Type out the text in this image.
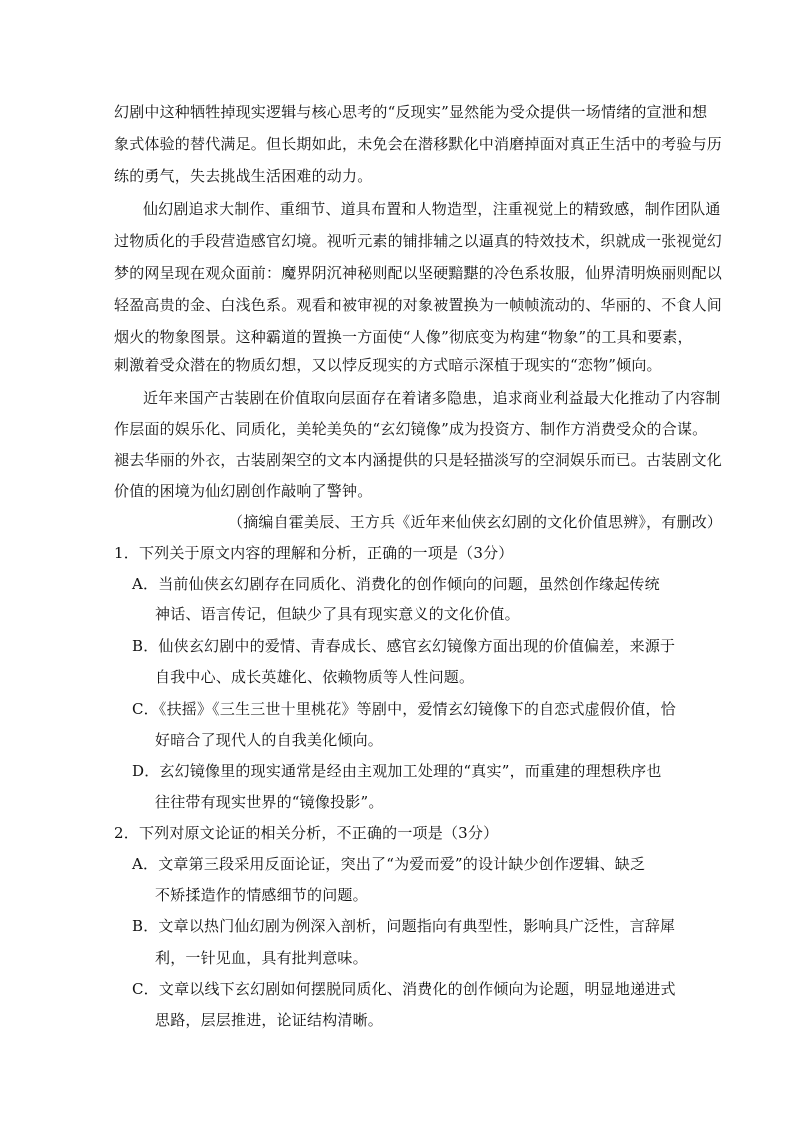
幻剧中这种牺牲掉现实逻辑与核心思考的“反现实”显然能为受众提供一场情绪的宣泄和想
象式体验的替代满足。但长期如此，未免会在潜移默化中消磨掉面对真正生活中的考验与历
练的勇气，失去挑战生活困难的动力。
仙幻剧追求大制作、重细节、道具布置和人物造型，注重视觉上的精致感，制作团队通
过物质化的手段营造感官幻境。视听元素的铺排辅之以逼真的特效技术，织就成一张视觉幻
梦的网呈现在观众面前：魔界阴沉神秘则配以坚硬黯黮的冷色系妆服，仙界清明焕丽则配以
轻盈高贵的金、白浅色系。观看和被审视的对象被置换为一帧帧流动的、华丽的、不食人间
烟火的物象图景。这种霸道的置换一方面使“人像”彻底变为构建“物象”的工具和要素，
刺激着受众潜在的物质幻想，又以悖反现实的方式暗示深植于现实的“恋物”倾向。
近年来国产古装剧在价值取向层面存在着诸多隐患，追求商业利益最大化推动了内容制
作层面的娱乐化、同质化，美轮美奂的“玄幻镜像”成为投资方、制作方消费受众的合谋。
褪去华丽的外衣，古装剧架空的文本内涵提供的只是轻描淡写的空洞娱乐而已。古装剧文化
价值的困境为仙幻剧创作敲响了警钟。
（摘编自霍美辰、王方兵《近年来仙侠玄幻剧的文化价值思辨》，有删改）
1．下列关于原文内容的理解和分析，正确的一项是（3分）
A．当前仙侠玄幻剧存在同质化、消费化的创作倾向的问题，虽然创作缘起传统
神话、语言传记，但缺少了具有现实意义的文化价值。
B．仙侠玄幻剧中的爱情、青春成长、感官玄幻镜像方面出现的价值偏差，来源于
自我中心、成长英雄化、依赖物质等人性问题。
C．《扶摇》《三生三世十里桃花》等剧中，爱情玄幻镜像下的自恋式虚假价值，恰
好暗合了现代人的自我美化倾向。
D．玄幻镜像里的现实通常是经由主观加工处理的“真实”，而重建的理想秩序也
往往带有现实世界的“镜像投影”。
2．下列对原文论证的相关分析，不正确的一项是（3分）
A．文章第三段采用反面论证，突出了“为爱而爱”的设计缺少创作逻辑、缺乏
不矫揉造作的情感细节的问题。
B．文章以热门仙幻剧为例深入剖析，问题指向有典型性，影响具广泛性，言辞犀
利，一针见血，具有批判意味。
C．文章以线下玄幻剧如何摆脱同质化、消费化的创作倾向为论题，明显地递进式
思路，层层推进，论证结构清晰。
